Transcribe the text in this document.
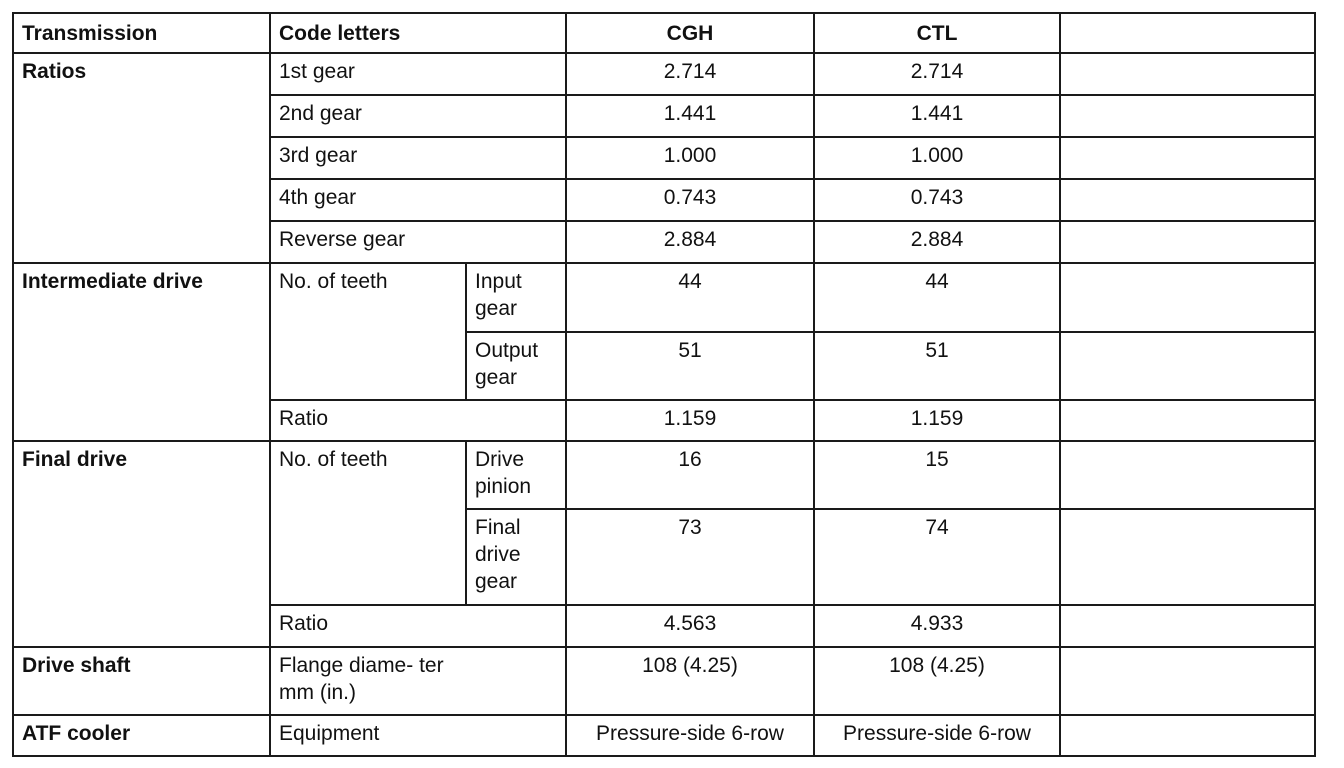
Transmission	Code letters		CGH	CTL	
Ratios	1st gear		2.714	2.714	
	2nd gear		1.441	1.441	
	3rd gear		1.000	1.000	
	4th gear		0.743	0.743	
	Reverse gear		2.884	2.884	
Intermediate drive	No. of teeth	Input gear	44	44	
		Output gear	51	51	
	Ratio		1.159	1.159	
Final drive	No. of teeth	Drive pinion	16	15	
		Final drive gear	73	74	
	Ratio		4.563	4.933	
Drive shaft	Flange diame- ter mm (in.)		108 (4.25)	108 (4.25)	
ATF cooler	Equipment		Pressure-side 6-row	Pressure-side 6-row	
